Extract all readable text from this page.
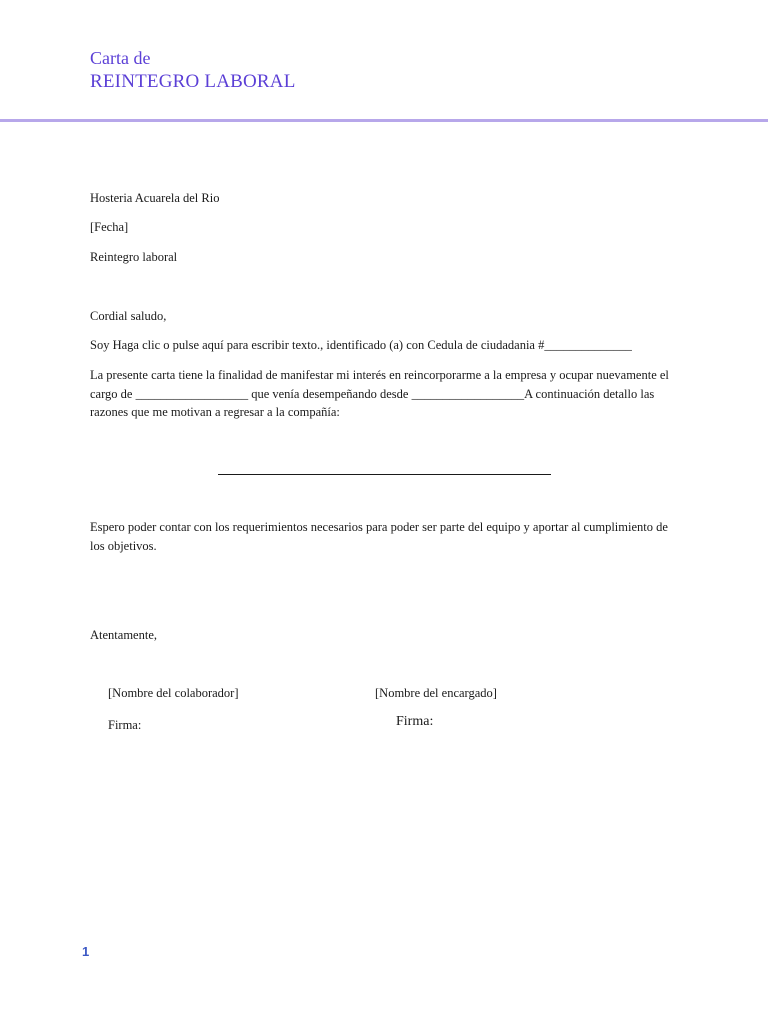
Carta de
REINTEGRO LABORAL
Hosteria Acuarela del Rio
[Fecha]
Reintegro laboral
Cordial saludo,
Soy Haga clic o pulse aquí para escribir texto., identificado (a) con Cedula de ciudadania #______________
La presente carta tiene la finalidad de manifestar mi interés en reincorporarme a la empresa y ocupar nuevamente el cargo de __________________ que venía desempeñando desde __________________A continuación detallo las razones que me motivan a regresar a la compañía:
Espero poder contar con los requerimientos necesarios para poder ser parte del equipo y aportar al cumplimiento de los objetivos.
Atentamente,
[Nombre del colaborador]	[Nombre del encargado]
Firma:	Firma:
1
